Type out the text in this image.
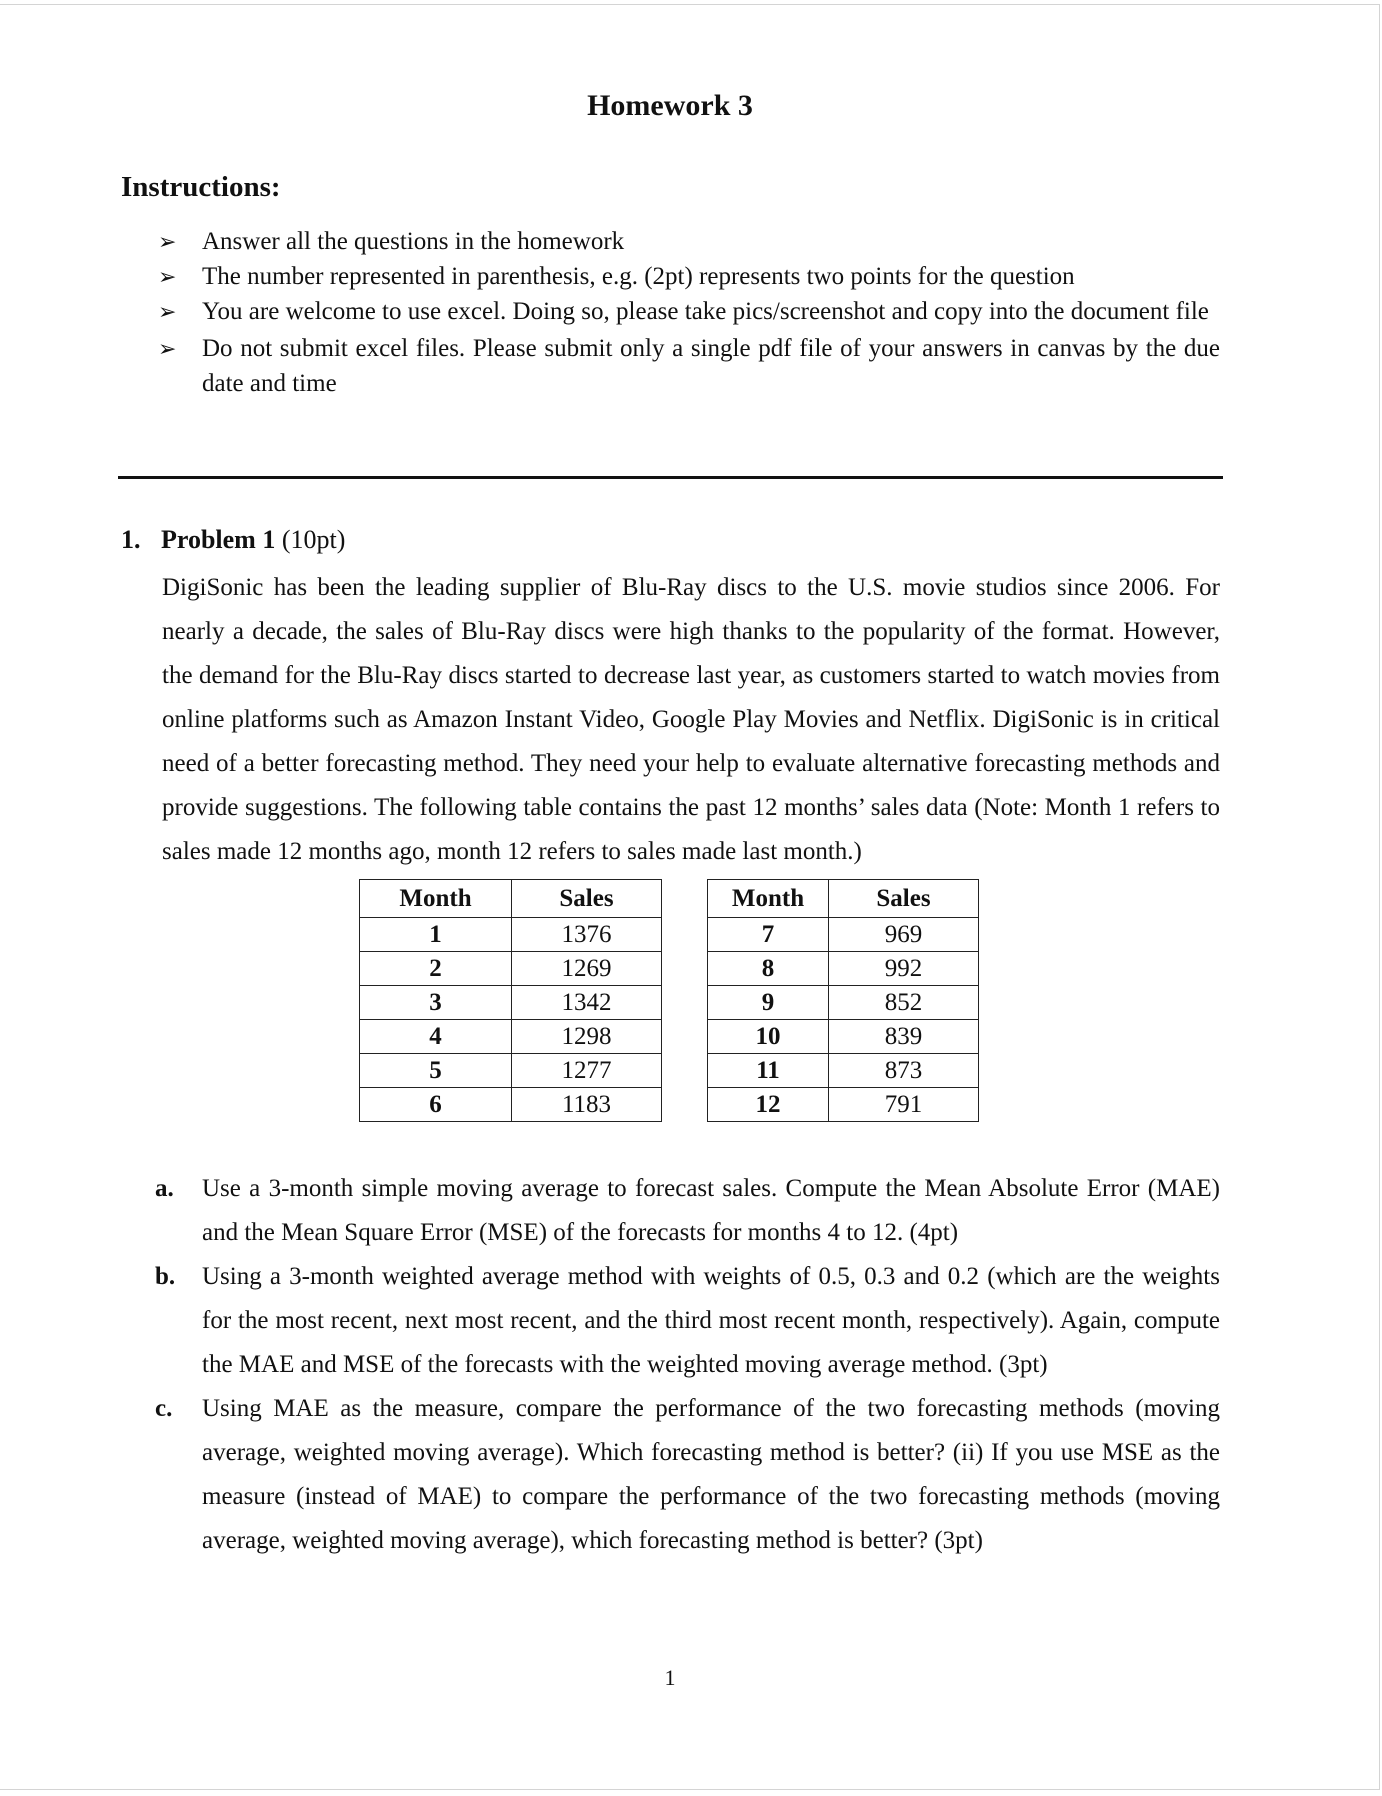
Homework 3
Instructions:
➢ Answer all the questions in the homework
➢ The number represented in parenthesis, e.g. (2pt) represents two points for the question
➢ You are welcome to use excel. Doing so, please take pics/screenshot and copy into the document file
➢ Do not submit excel files. Please submit only a single pdf file of your answers in canvas by the due date and time
1. Problem 1 (10pt)

DigiSonic has been the leading supplier of Blu-Ray discs to the U.S. movie studios since 2006. For nearly a decade, the sales of Blu-Ray discs were high thanks to the popularity of the format. However, the demand for the Blu-Ray discs started to decrease last year, as customers started to watch movies from online platforms such as Amazon Instant Video, Google Play Movies and Netflix. DigiSonic is in critical need of a better forecasting method. They need your help to evaluate alternative forecasting methods and provide suggestions. The following table contains the past 12 months’ sales data (Note: Month 1 refers to sales made 12 months ago, month 12 refers to sales made last month.)

Month	Sales
1	1376
2	1269
3	1342
4	1298
5	1277
6	1183
Month	Sales
7	969
8	992
9	852
10	839
11	873
12	791
a. Use a 3-month simple moving average to forecast sales. Compute the Mean Absolute Error (MAE) and the Mean Square Error (MSE) of the forecasts for months 4 to 12. (4pt)
b. Using a 3-month weighted average method with weights of 0.5, 0.3 and 0.2 (which are the weights for the most recent, next most recent, and the third most recent month, respectively). Again, compute the MAE and MSE of the forecasts with the weighted moving average method. (3pt)
c. Using MAE as the measure, compare the performance of the two forecasting methods (moving average, weighted moving average). Which forecasting method is better? (ii) If you use MSE as the measure (instead of MAE) to compare the performance of the two forecasting methods (moving average, weighted moving average), which forecasting method is better? (3pt)
1
